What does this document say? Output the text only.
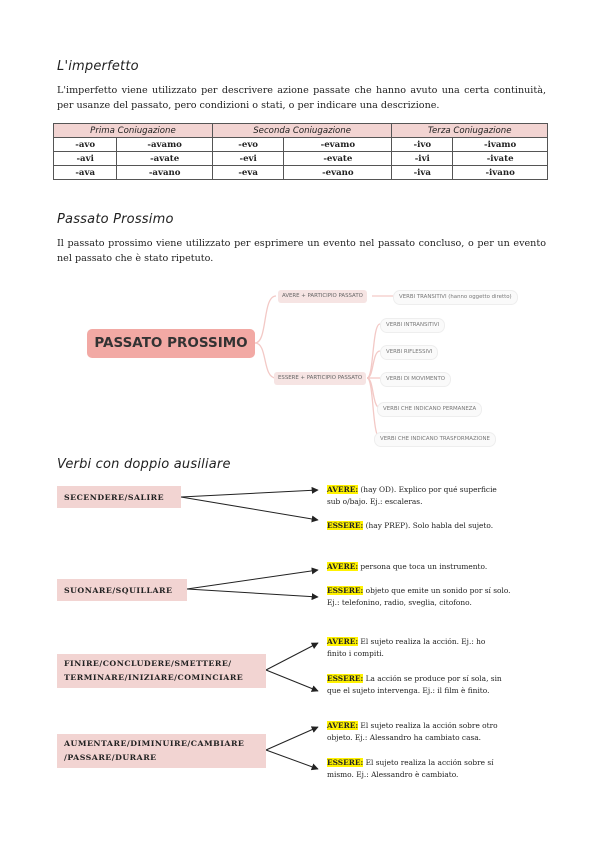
L'imperfetto
L'imperfetto viene utilizzato per descrivere azione passate che hanno avuto una certa continuità, per usanze del passato, pero condizioni o stati, o per indicare una descrizione.
Prima Coniugazione		Seconda Coniugazione		Terza Coniugazione	
-avo	-avamo	-evo	-evamo	-ivo	-ivamo
-avi	-avate	-evi	-evate	-ivi	-ivate
-ava	-avano	-eva	-evano	-iva	-ivano
Passato Prossimo
Il passato prossimo viene utilizzato per esprimere un evento nel passato concluso, o per un evento nel passato che è stato ripetuto.
PASSATO PROSSIMO
AVERE + PARTICIPIO PASSATO	VERBI TRANSITIVI (hanno oggetto diretto)
ESSERE + PARTICIPIO PASSATO
VERBI INTRANSITIVI
VERBI RIFLESSIVI
VERBI DI MOVIMENTO
VERBI CHE INDICANO PERMANEZA
VERBI CHE INDICANO TRASFORMAZIONE
Verbi con doppio ausiliare
SECENDERE/SALIRE
SUONARE/SQUILLARE
FINIRE/CONCLUDERE/SMETTERE/ TERMINARE/INIZIARE/COMINCIARE
AUMENTARE/DIMINUIRE/CAMBIARE /PASSARE/DURARE
AVERE: (hay OD). Explico por qué superficie sub o/bajo. Ej.: escaleras.
ESSERE: (hay PREP). Solo habla del sujeto.
AVERE: persona que toca un instrumento.
ESSERE: objeto que emite un sonido por sí solo. Ej.: telefonino, radio, sveglia, citofono.
AVERE: El sujeto realiza la acción. Ej.: ho finito i compiti.
ESSERE: La acción se produce por sí sola, sin que el sujeto intervenga. Ej.: il film è finito.
AVERE: El sujeto realiza la acción sobre otro objeto. Ej.: Alessandro ha cambiato casa.
ESSERE: El sujeto realiza la acción sobre sí mismo. Ej.: Alessandro è cambiato.
